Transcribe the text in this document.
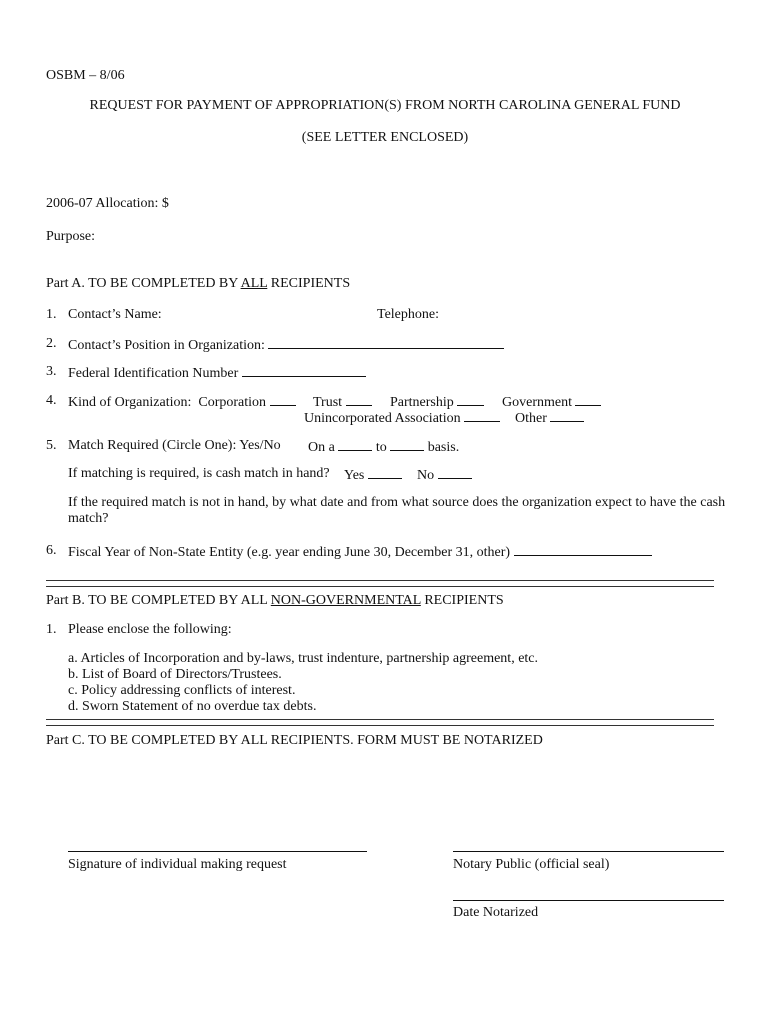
OSBM – 8/06
REQUEST FOR PAYMENT OF APPROPRIATION(S) FROM NORTH CAROLINA GENERAL FUND
(SEE LETTER ENCLOSED)
2006-07 Allocation: $
Purpose:
Part A. TO BE COMPLETED BY ALL RECIPIENTS
1. Contact’s Name:	Telephone:
2. Contact’s Position in Organization:
3. Federal Identification Number
4. Kind of Organization: Corporation	Trust	Partnership	Government
Unincorporated Association	Other
5. Match Required (Circle One): Yes/No On a	to	basis.
If matching is required, is cash match in hand? Yes	No
If the required match is not in hand, by what date and from what source does the organization expect to have the cash
match?
6. Fiscal Year of Non-State Entity (e.g. year ending June 30, December 31, other)
Part B. TO BE COMPLETED BY ALL NON-GOVERNMENTAL RECIPIENTS
1. Please enclose the following:
a. Articles of Incorporation and by-laws, trust indenture, partnership agreement, etc.
b. List of Board of Directors/Trustees.
c. Policy addressing conflicts of interest.
d. Sworn Statement of no overdue tax debts.
Part C. TO BE COMPLETED BY ALL RECIPIENTS. FORM MUST BE NOTARIZED
Signature of individual making request	Notary Public (official seal)
Date Notarized
